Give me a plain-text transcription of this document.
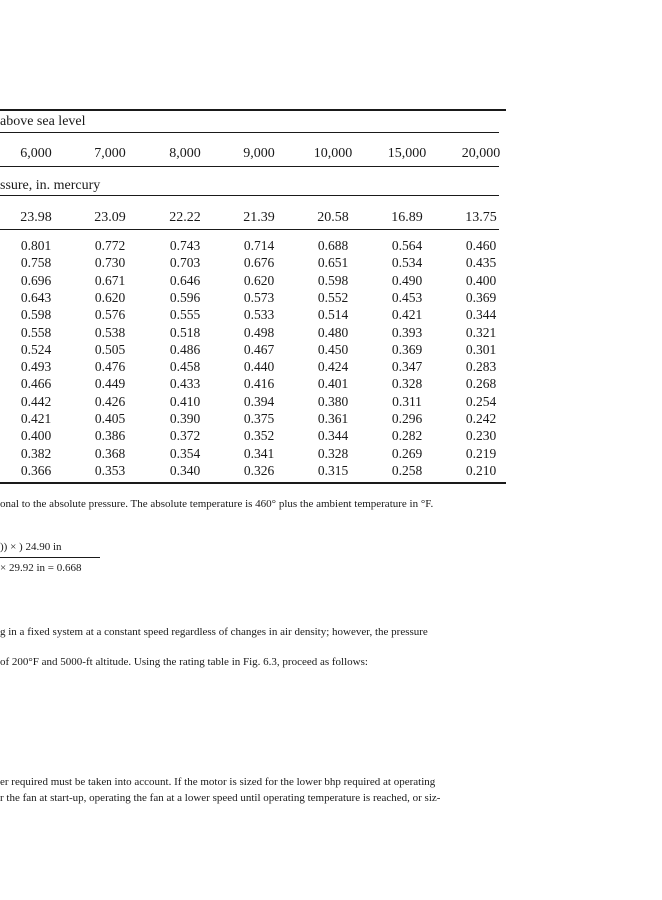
above sea level
6,000	7,000	8,000	9,000	10,000	15,000	20,000
ssure, in. mercury
23.98	23.09	22.22	21.39	20.58	16.89	13.75
0.801	0.772	0.743	0.714	0.688	0.564	0.460
0.758	0.730	0.703	0.676	0.651	0.534	0.435
0.696	0.671	0.646	0.620	0.598	0.490	0.400
0.643	0.620	0.596	0.573	0.552	0.453	0.369
0.598	0.576	0.555	0.533	0.514	0.421	0.344
0.558	0.538	0.518	0.498	0.480	0.393	0.321
0.524	0.505	0.486	0.467	0.450	0.369	0.301
0.493	0.476	0.458	0.440	0.424	0.347	0.283
0.466	0.449	0.433	0.416	0.401	0.328	0.268
0.442	0.426	0.410	0.394	0.380	0.311	0.254
0.421	0.405	0.390	0.375	0.361	0.296	0.242
0.400	0.386	0.372	0.352	0.344	0.282	0.230
0.382	0.368	0.354	0.341	0.328	0.269	0.219
0.366	0.353	0.340	0.326	0.315	0.258	0.210
onal to the absolute pressure. The absolute temperature is 460° plus the ambient temperature in °F.
)) × ) 24.90 in
× 29.92 in = 0.668
g in a fixed system at a constant speed regardless of changes in air density; however, the pressure
of 200°F and 5000-ft altitude. Using the rating table in Fig. 6.3, proceed as follows:
er required must be taken into account. If the motor is sized for the lower bhp required at operating
r the fan at start-up, operating the fan at a lower speed until operating temperature is reached, or siz-
